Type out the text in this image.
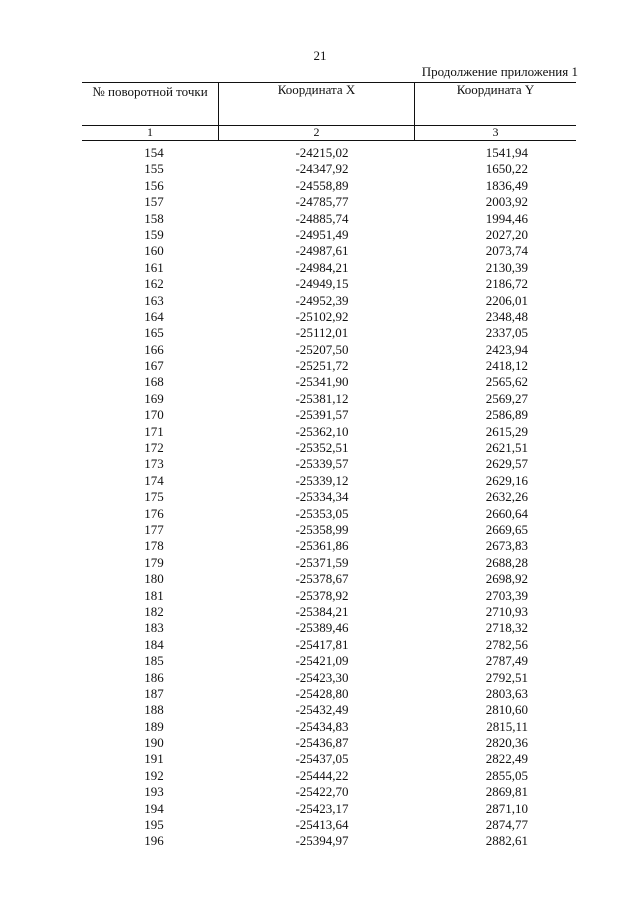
21
Продолжение приложения 1
№ поворотной точки	Координата X	Координата Y
1	2	3
154	-24215,02	1541,94
155	-24347,92	1650,22
156	-24558,89	1836,49
157	-24785,77	2003,92
158	-24885,74	1994,46
159	-24951,49	2027,20
160	-24987,61	2073,74
161	-24984,21	2130,39
162	-24949,15	2186,72
163	-24952,39	2206,01
164	-25102,92	2348,48
165	-25112,01	2337,05
166	-25207,50	2423,94
167	-25251,72	2418,12
168	-25341,90	2565,62
169	-25381,12	2569,27
170	-25391,57	2586,89
171	-25362,10	2615,29
172	-25352,51	2621,51
173	-25339,57	2629,57
174	-25339,12	2629,16
175	-25334,34	2632,26
176	-25353,05	2660,64
177	-25358,99	2669,65
178	-25361,86	2673,83
179	-25371,59	2688,28
180	-25378,67	2698,92
181	-25378,92	2703,39
182	-25384,21	2710,93
183	-25389,46	2718,32
184	-25417,81	2782,56
185	-25421,09	2787,49
186	-25423,30	2792,51
187	-25428,80	2803,63
188	-25432,49	2810,60
189	-25434,83	2815,11
190	-25436,87	2820,36
191	-25437,05	2822,49
192	-25444,22	2855,05
193	-25422,70	2869,81
194	-25423,17	2871,10
195	-25413,64	2874,77
196	-25394,97	2882,61
